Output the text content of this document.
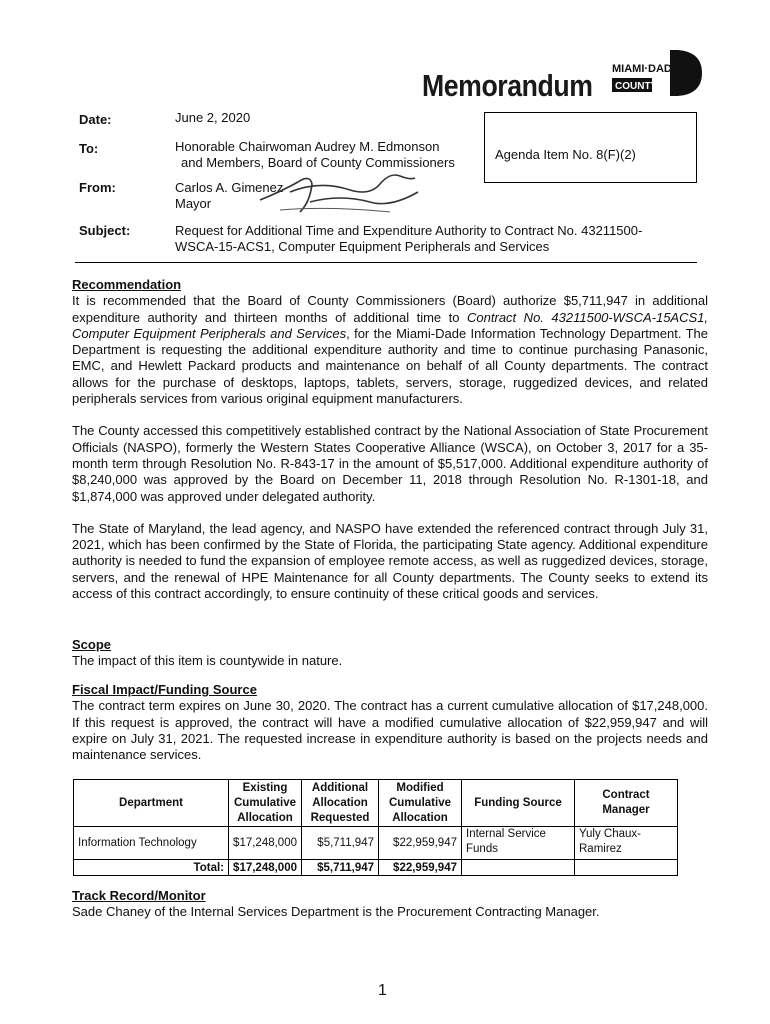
Memorandum MIAMI·DADE
COUNTY
Date:	June 2, 2020
To:	Honorable Chairwoman Audrey M. Edmonson
and Members, Board of County Commissioners
From:	Carlos A. Gimenez
Mayor
Subject:	Request for Additional Time and Expenditure Authority to Contract No. 43211500-
WSCA-15-ACS1, Computer Equipment Peripherals and Services
Agenda Item No. 8(F)(2)
Recommendation
It is recommended that the Board of County Commissioners (Board) authorize $5,711,947 in additional expenditure authority and thirteen months of additional time to Contract No. 43211500-WSCA-15ACS1, Computer Equipment Peripherals and Services, for the Miami-Dade Information Technology Department. The Department is requesting the additional expenditure authority and time to continue purchasing Panasonic, EMC, and Hewlett Packard products and maintenance on behalf of all County departments. The contract allows for the purchase of desktops, laptops, tablets, servers, storage, ruggedized devices, and related peripherals services from various original equipment manufacturers.
The County accessed this competitively established contract by the National Association of State Procurement Officials (NASPO), formerly the Western States Cooperative Alliance (WSCA), on October 3, 2017 for a 35-month term through Resolution No. R-843-17 in the amount of $5,517,000. Additional expenditure authority of $8,240,000 was approved by the Board on December 11, 2018 through Resolution No. R-1301-18, and $1,874,000 was approved under delegated authority.
The State of Maryland, the lead agency, and NASPO have extended the referenced contract through July 31, 2021, which has been confirmed by the State of Florida, the participating State agency. Additional expenditure authority is needed to fund the expansion of employee remote access, as well as ruggedized devices, storage, servers, and the renewal of HPE Maintenance for all County departments. The County seeks to extend its access of this contract accordingly, to ensure continuity of these critical goods and services.
Scope
The impact of this item is countywide in nature.
Fiscal Impact/Funding Source
The contract term expires on June 30, 2020. The contract has a current cumulative allocation of $17,248,000. If this request is approved, the contract will have a modified cumulative allocation of $22,959,947 and will expire on July 31, 2021. The requested increase in expenditure authority is based on the projects needs and maintenance services.
Department	Existing Cumulative Allocation	Additional Allocation Requested	Modified Cumulative Allocation	Funding Source	Contract Manager
Information Technology	$17,248,000	$5,711,947	$22,959,947	Internal Service Funds	Yuly Chaux-Ramirez
Total:	$17,248,000	$5,711,947	$22,959,947		
Track Record/Monitor
Sade Chaney of the Internal Services Department is the Procurement Contracting Manager.
1
